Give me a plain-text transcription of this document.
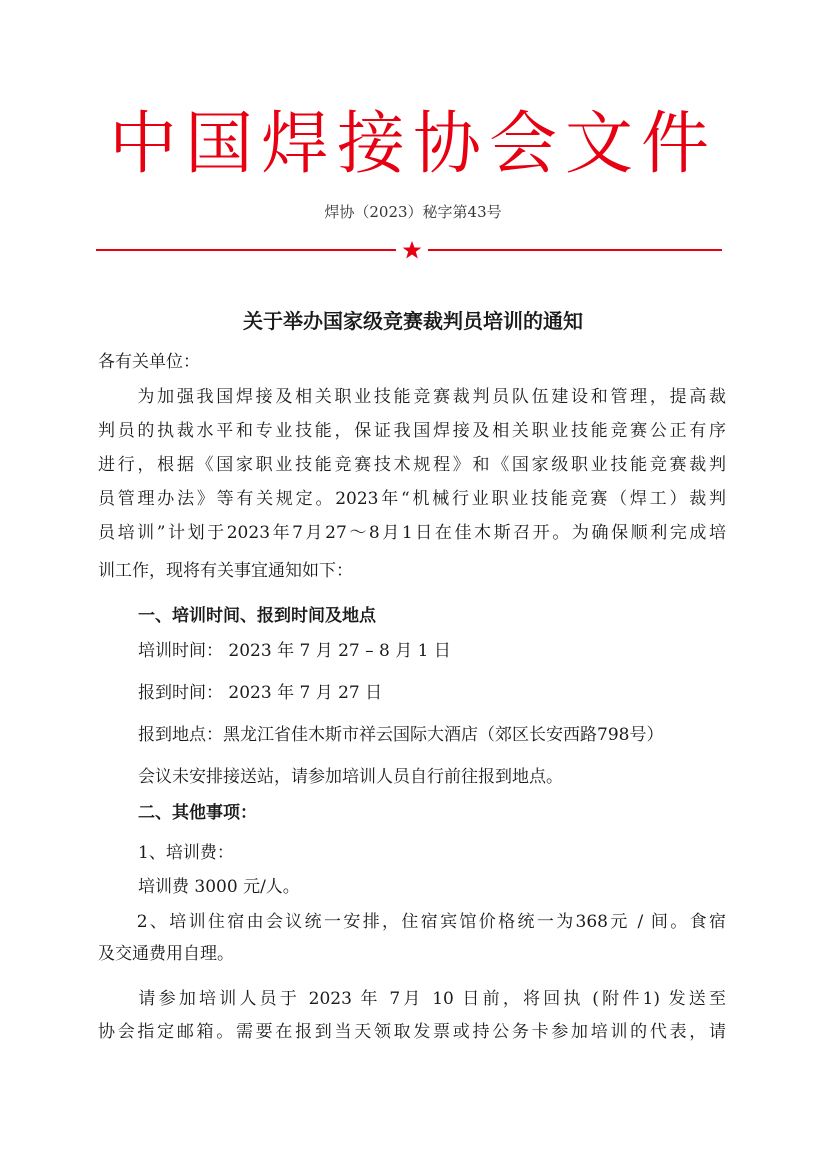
中国焊接协会文件
焊协（2023）秘字第43号
关于举办国家级竞赛裁判员培训的通知
各有关单位：
　　为加强我国焊接及相关职业技能竞赛裁判员队伍建设和管理，提高裁
判员的执裁水平和专业技能，保证我国焊接及相关职业技能竞赛公正有序
进行，根据《国家职业技能竞赛技术规程》和《国家级职业技能竞赛裁判
员管理办法》等有关规定。2023年“机械行业职业技能竞赛（焊工）裁判
员培训”计划于2023年7月27～8月1日在佳木斯召开。为确保顺利完成培
训工作，现将有关事宜通知如下：
一、培训时间、报到时间及地点
培训时间： 2023 年 7 月 27 – 8 月 1 日
报到时间： 2023 年 7 月 27 日
报到地点：黑龙江省佳木斯市祥云国际大酒店（郊区长安西路798号）
会议未安排接送站，请参加培训人员自行前往报到地点。
二、其他事项：
1、培训费：
培训费 3000 元/人。
　　2、培训住宿由会议统一安排，住宿宾馆价格统一为368元 / 间。食宿
及交通费用自理。
　　请参加培训人员于 2023 年 7月 10 日前，将回执 (附件1) 发送至
协会指定邮箱。需要在报到当天领取发票或持公务卡参加培训的代表，请
